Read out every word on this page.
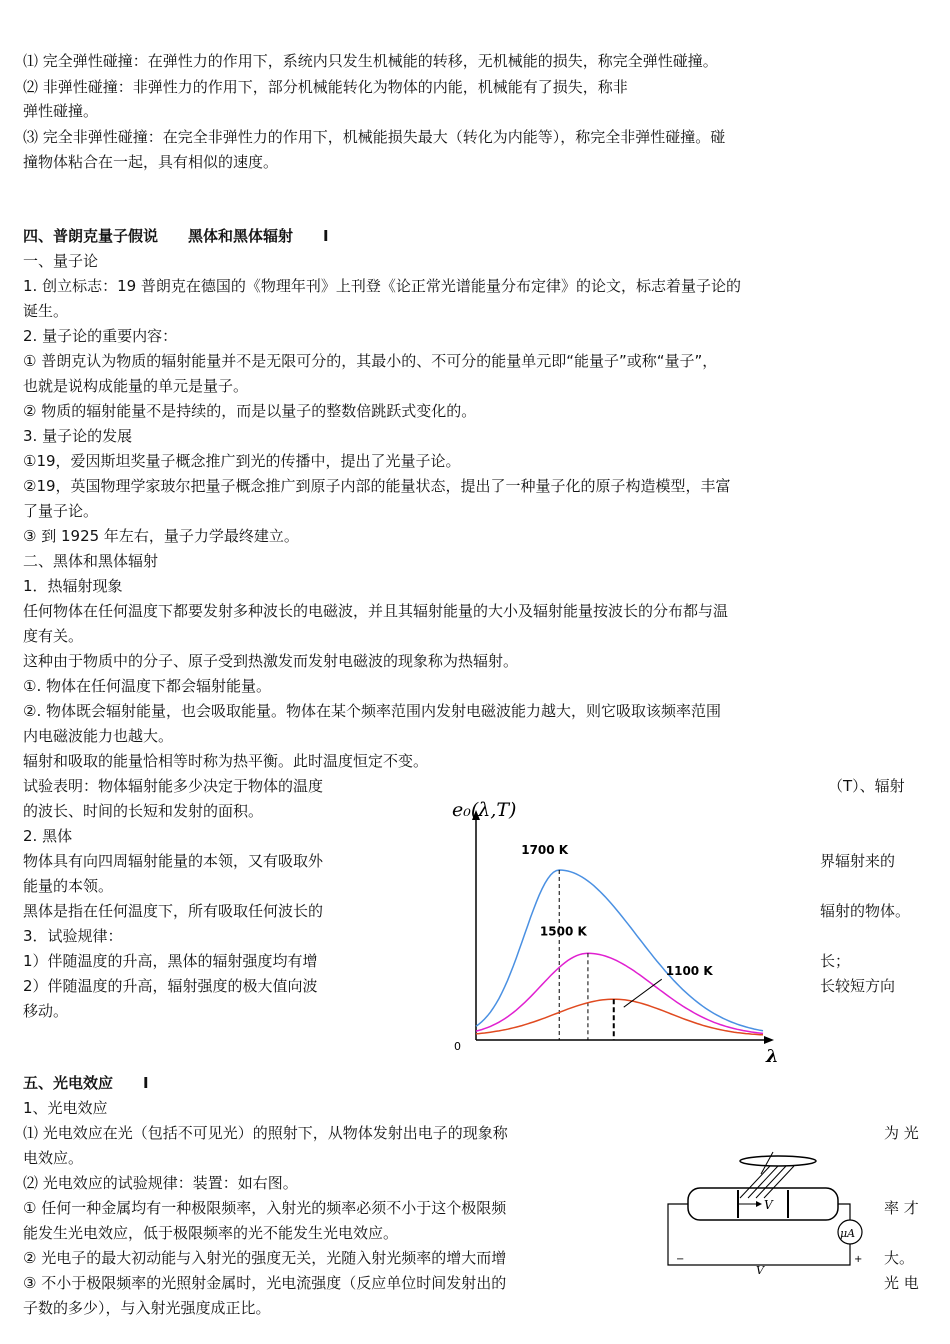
⑴ 完全弹性碰撞：在弹性力的作用下，系统内只发生机械能的转移，无机械能的损失，称完全弹性碰撞。
⑵ 非弹性碰撞：非弹性力的作用下，部分机械能转化为物体的内能，机械能有了损失，称非
弹性碰撞。
⑶ 完全非弹性碰撞：在完全非弹性力的作用下，机械能损失最大（转化为内能等），称完全非弹性碰撞。碰
撞物体粘合在一起，具有相似的速度。
四、普朗克量子假说　　黑体和黑体辐射　　Ⅰ
一、量子论
1. 创立标志：19 普朗克在德国的《物理年刊》上刊登《论正常光谱能量分布定律》的论文，标志着量子论的
诞生。
2. 量子论的重要内容：
① 普朗克认为物质的辐射能量并不是无限可分的，其最小的、不可分的能量单元即“能量子”或称“量子”，
也就是说构成能量的单元是量子。
② 物质的辐射能量不是持续的，而是以量子的整数倍跳跃式变化的。
3. 量子论的发展
①19，爱因斯坦奖量子概念推广到光的传播中，提出了光量子论。
②19，英国物理学家玻尔把量子概念推广到原子内部的能量状态，提出了一种量子化的原子构造模型，丰富
了量子论。
③ 到 1925 年左右，量子力学最终建立。
二、黑体和黑体辐射
1．热辐射现象
任何物体在任何温度下都要发射多种波长的电磁波，并且其辐射能量的大小及辐射能量按波长的分布都与温
度有关。
这种由于物质中的分子、原子受到热激发而发射电磁波的现象称为热辐射。
①. 物体在任何温度下都会辐射能量。
②. 物体既会辐射能量，也会吸取能量。物体在某个频率范围内发射电磁波能力越大，则它吸取该频率范围
内电磁波能力也越大。
辐射和吸取的能量恰相等时称为热平衡。此时温度恒定不变。
试验表明：物体辐射能多少决定于物体的温度
的波长、时间的长短和发射的面积。
2. 黑体
物体具有向四周辐射能量的本领，又有吸取外
能量的本领。
黑体是指在任何温度下，所有吸取任何波长的
3．试验规律：
1）伴随温度的升高，黑体的辐射强度均有增
2）伴随温度的升高，辐射强度的极大值向波
移动。
（T）、辐射
界辐射来的
辐射的物体。
长；
长较短方向
e₀(λ,T)
λ
0
1700 K
1500 K
1100 K
五、光电效应　　Ⅰ
1、光电效应
⑴ 光电效应在光（包括不可见光）的照射下，从物体发射出电子的现象称
电效应。
⑵ 光电效应的试验规律：装置：如右图。
① 任何一种金属均有一种极限频率，入射光的频率必须不小于这个极限频
能发生光电效应，低于极限频率的光不能发生光电效应。
② 光电子的最大初动能与入射光的强度无关，光随入射光频率的增大而增
③ 不小于极限频率的光照射金属时，光电流强度（反应单位时间发射出的
子数的多少），与入射光强度成正比。
为 光
率 才
大。
光 电
V
μA
V
−	+
